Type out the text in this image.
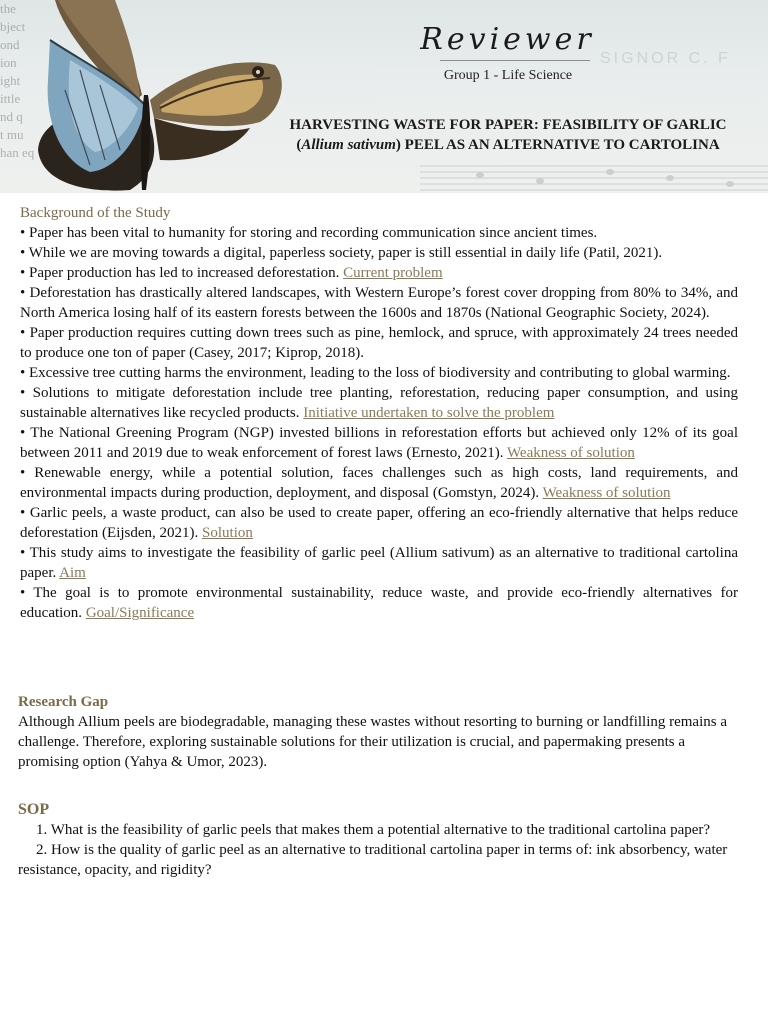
the
bject
ond
ion
ight
ittle
nd q
t mu
han eq
SIGNOR C. F
Reviewer
Group 1 - Life Science
HARVESTING WASTE FOR PAPER: FEASIBILITY OF GARLIC
(Allium sativum) PEEL AS AN ALTERNATIVE TO CARTOLINA
Background of the Study

• Paper has been vital to humanity for storing and recording communication since ancient times.

• While we are moving towards a digital, paperless society, paper is still essential in daily life (Patil, 2021).

• Paper production has led to increased deforestation. Current problem

• Deforestation has drastically altered landscapes, with Western Europe’s forest cover dropping from 80% to 34%, and North America losing half of its eastern forests between the 1600s and 1870s (National Geographic Society, 2024).

• Paper production requires cutting down trees such as pine, hemlock, and spruce, with approximately 24 trees needed to produce one ton of paper (Casey, 2017; Kiprop, 2018).

• Excessive tree cutting harms the environment, leading to the loss of biodiversity and contributing to global warming.

• Solutions to mitigate deforestation include tree planting, reforestation, reducing paper consumption, and using sustainable alternatives like recycled products. Initiative undertaken to solve the problem

• The National Greening Program (NGP) invested billions in reforestation efforts but achieved only 12% of its goal between 2011 and 2019 due to weak enforcement of forest laws (Ernesto, 2021). Weakness of solution

• Renewable energy, while a potential solution, faces challenges such as high costs, land requirements, and environmental impacts during production, deployment, and disposal (Gomstyn, 2024). Weakness of solution

• Garlic peels, a waste product, can also be used to create paper, offering an eco-friendly alternative that helps reduce deforestation (Eijsden, 2021). Solution

• This study aims to investigate the feasibility of garlic peel (Allium sativum) as an alternative to traditional cartolina paper. Aim

• The goal is to promote environmental sustainability, reduce waste, and provide eco-friendly alternatives for education. Goal/Significance

Research Gap

Although Allium peels are biodegradable, managing these wastes without resorting to burning or landfilling remains a challenge. Therefore, exploring sustainable solutions for their utilization is crucial, and papermaking presents a promising option (Yahya & Umor, 2023).

SOP

1. What is the feasibility of garlic peels that makes them a potential alternative to the traditional cartolina paper?

2. How is the quality of garlic peel as an alternative to traditional cartolina paper in terms of: ink absorbency, water resistance, opacity, and rigidity?
